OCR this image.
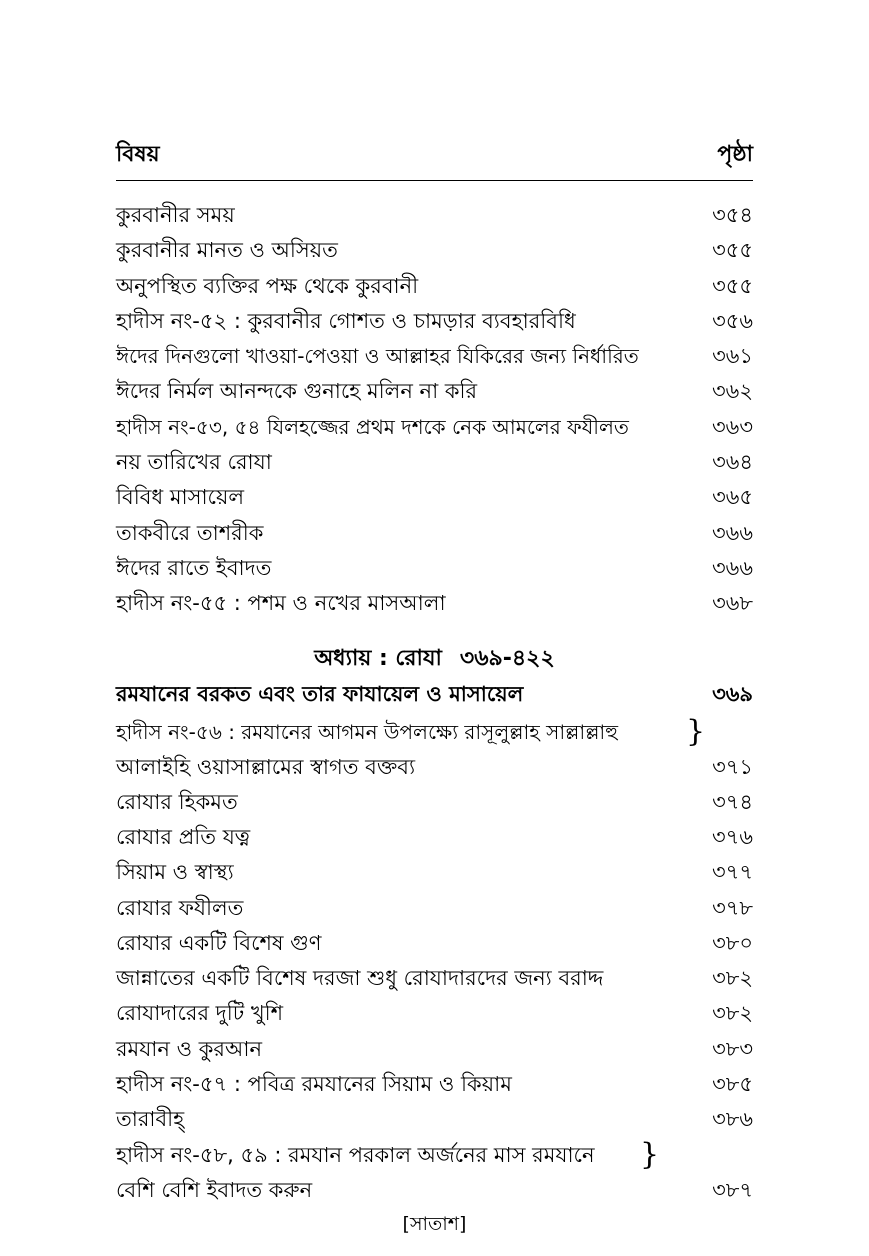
বিষয়	পৃষ্ঠা
কুরবানীর সময়	৩৫৪
কুরবানীর মানত ও অসিয়ত	৩৫৫
অনুপস্থিত ব্যক্তির পক্ষ থেকে কুরবানী	৩৫৫
হাদীস নং-৫২ : কুরবানীর গোশত ও চামড়ার ব্যবহারবিধি	৩৫৬
ঈদের দিনগুলো খাওয়া-পেওয়া ও আল্লাহর যিকিরের জন্য নির্ধারিত	৩৬১
ঈদের নির্মল আনন্দকে গুনাহে মলিন না করি	৩৬২
হাদীস নং-৫৩, ৫৪ যিলহজ্জের প্রথম দশকে নেক আমলের ফযীলত	৩৬৩
নয় তারিখের রোযা	৩৬৪
বিবিধ মাসায়েল	৩৬৫
তাকবীরে তাশরীক	৩৬৬
ঈদের রাতে ইবাদত	৩৬৬
হাদীস নং-৫৫ : পশম ও নখের মাসআলা	৩৬৮
অধ্যায় : রোযা ৩৬৯-৪২২
রমযানের বরকত এবং তার ফাযায়েল ও মাসায়েল	৩৬৯
হাদীস নং-৫৬ : রমযানের আগমন উপলক্ষ্যে রাসূলুল্লাহ সাল্লাল্লাহু }
আলাইহি ওয়াসাল্লামের স্বাগত বক্তব্য	৩৭১
রোযার হিকমত	৩৭৪
রোযার প্রতি যত্ন	৩৭৬
সিয়াম ও স্বাস্থ্য	৩৭৭
রোযার ফযীলত	৩৭৮
রোযার একটি বিশেষ গুণ	৩৮০
জান্নাতের একটি বিশেষ দরজা শুধু রোযাদারদের জন্য বরাদ্দ	৩৮২
রোযাদারের দুটি খুশি	৩৮২
রমযান ও কুরআন	৩৮৩
হাদীস নং-৫৭ : পবিত্র রমযানের সিয়াম ও কিয়াম	৩৮৫
তারাবীহ্	৩৮৬
হাদীস নং-৫৮, ৫৯ : রমযান পরকাল অর্জনের মাস রমযানে }
বেশি বেশি ইবাদত করুন	৩৮৭
[সাতাশ]
